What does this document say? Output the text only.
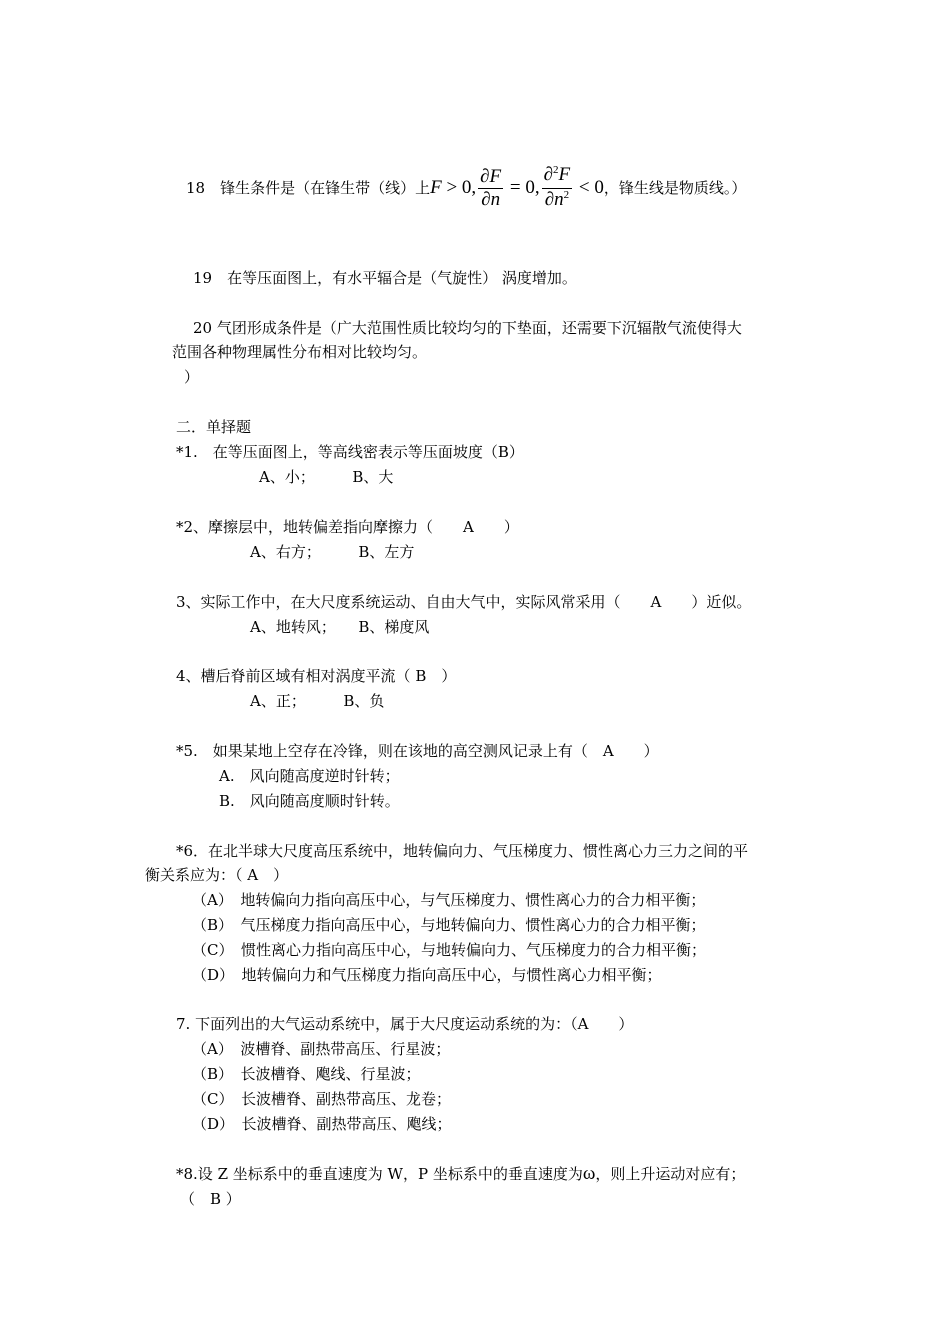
18　锋生条件是（在锋生带（线）上F > 0, $\frac{\partial F}{\partial n} = 0$, $\frac{\partial^2F}{\partial n^2} < 0$，锋生线是物质线。）
19　在等压面图上，有水平辐合是（气旋性） 涡度增加。
20 气团形成条件是（广大范围性质比较均匀的下垫面，还需要下沉辐散气流使得大
范围各种物理属性分布相对比较均匀。
）
二．单择题
*1.　在等压面图上，等高线密表示等压面坡度（B）
A、小；　　　B、大
*2、摩擦层中，地转偏差指向摩擦力（　　A　　）
A、右方；　　　B、左方
3、实际工作中，在大尺度系统运动、自由大气中，实际风常采用（　　A　　）近似。
A、地转风；　　B、梯度风
4、槽后脊前区域有相对涡度平流（ B　）
A、正；　　　B、负
*5.　如果某地上空存在冷锋，则在该地的高空测风记录上有（　A　　）
A.　风向随高度逆时针转；
B.　风向随高度顺时针转。
*6．在北半球大尺度高压系统中，地转偏向力、气压梯度力、惯性离心力三力之间的平
衡关系应为：（ A　）
（A）　地转偏向力指向高压中心，与气压梯度力、惯性离心力的合力相平衡；
（B）　气压梯度力指向高压中心，与地转偏向力、惯性离心力的合力相平衡；
（C）　惯性离心力指向高压中心，与地转偏向力、气压梯度力的合力相平衡；
（D）　地转偏向力和气压梯度力指向高压中心，与惯性离心力相平衡；
7. 下面列出的大气运动系统中，属于大尺度运动系统的为：（A　　）
（A）　波槽脊、副热带高压、行星波；
（B）　长波槽脊、飑线、行星波；
（C）　长波槽脊、副热带高压、龙卷；
（D）　长波槽脊、副热带高压、飑线；
*8.设 Z 坐标系中的垂直速度为 W，P 坐标系中的垂直速度为ω，则上升运动对应有；
（　B ）
